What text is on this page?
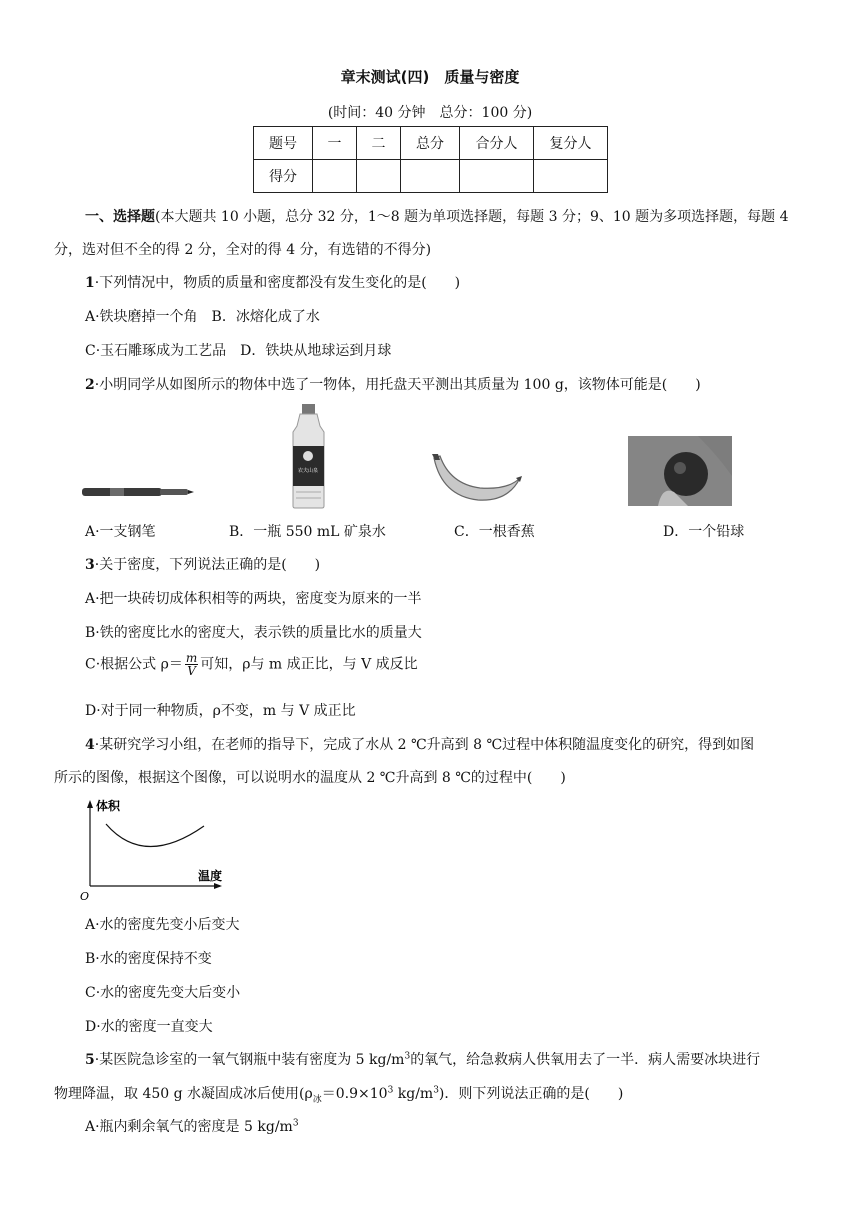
章末测试(四)　质量与密度
(时间：40 分钟　总分：100 分)
题号	一	二	总分	合分人	复分人
得分					
一、选择题(本大题共 10 小题，总分 32 分，1～8 题为单项选择题，每题 3 分；9、10 题为多项选择题，每题 4
分，选对但不全的得 2 分，全对的得 4 分，有选错的不得分)
1·下列情况中，物质的质量和密度都没有发生变化的是(　　)
A·铁块磨掉一个角　B．冰熔化成了水
C·玉石雕琢成为工艺品　D．铁块从地球运到月球
2·小明同学从如图所示的物体中选了一物体，用托盘天平测出其质量为 100 g，该物体可能是(　　)
农夫山泉
A·一支钢笔	B．一瓶 550 mL 矿泉水	C．一根香蕉	D．一个铅球
3·关于密度，下列说法正确的是(　　)
A·把一块砖切成体积相等的两块，密度变为原来的一半
B·铁的密度比水的密度大，表示铁的质量比水的质量大
C·根据公式 $\rho= \frac{m}{V}$ 可知，ρ与 m 成正比，与 V 成反比
D·对于同一种物质，ρ不变，m 与 V 成正比
4·某研究学习小组，在老师的指导下，完成了水从 2 ℃升高到 8 ℃过程中体积随温度变化的研究，得到如图
所示的图像，根据这个图像，可以说明水的温度从 2 ℃升高到 8 ℃的过程中(　　)
体积
温度
O
A·水的密度先变小后变大
B·水的密度保持不变
C·水的密度先变大后变小
D·水的密度一直变大
5·某医院急诊室的一氧气钢瓶中装有密度为 5 $kg/m^3$的氧气，给急救病人供氧用去了一半．病人需要冰块进行
物理降温，取 450 g 水凝固成冰后使用($\rho_冰=0.9\times 10^3$ $kg/m^3$)．则下列说法正确的是(　　)
A·瓶内剩余氧气的密度是 5 $kg/m^3$
